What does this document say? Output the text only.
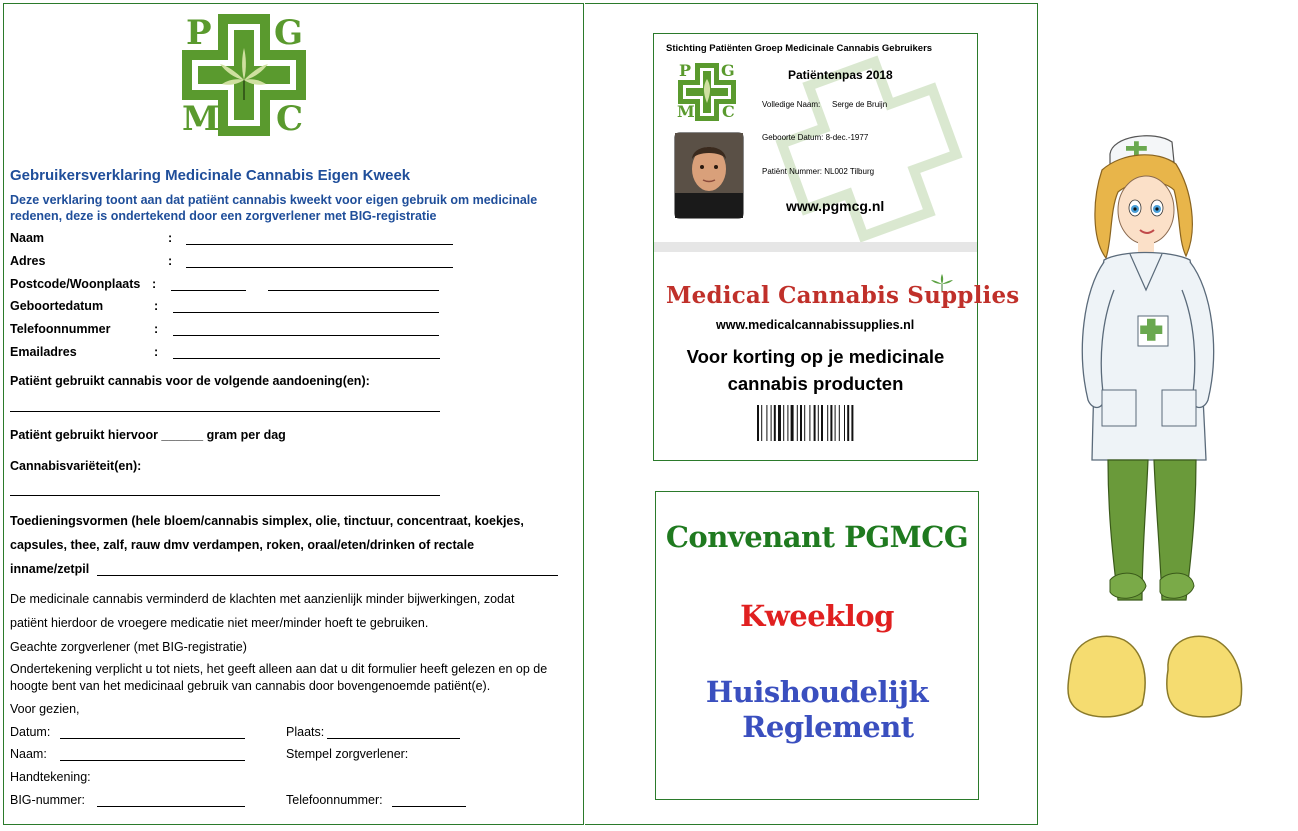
P G
M C
Gebruikersverklaring Medicinale Cannabis Eigen Kweek
Deze verklaring toont aan dat patiënt cannabis kweekt voor eigen gebruik om medicinale redenen, deze is ondertekend door een zorgverlener met BIG-registratie
Naam	:
Adres	:
Postcode/Woonplaats :
Geboortedatum	:
Telefoonnummer	:
Emailadres	:
Patiënt gebruikt cannabis voor de volgende aandoening(en):
Patiënt gebruikt hiervoor ______ gram per dag
Cannabisvariëteit(en):
Toedieningsvormen (hele bloem/cannabis simplex, olie, tinctuur, concentraat, koekjes,
capsules, thee, zalf, rauw dmv verdampen, roken, oraal/eten/drinken of rectale
inname/zetpil
De medicinale cannabis verminderd de klachten met aanzienlijk minder bijwerkingen, zodat
patiënt hierdoor de vroegere medicatie niet meer/minder hoeft te gebruiken.
Geachte zorgverlener (met BIG-registratie)
Ondertekening verplicht u tot niets, het geeft alleen aan dat u dit formulier heeft gelezen en op de
hoogte bent van het medicinaal gebruik van cannabis door bovengenoemde patiënt(e).
Voor gezien,
Datum:	Plaats:
Naam:	Stempel zorgverlener:
Handtekening:
BIG-nummer:	Telefoonnummer:
Stichting Patiënten Groep Medicinale Cannabis Gebruikers
P G
M C
Patiëntenpas 2018
Volledige Naam: Serge de Bruijn
Geboorte Datum: 8-dec.-1977
Patiënt Nummer: NL002 Tilburg
www.pgmcg.nl
Medical Cannabis Supplies
www.medicalcannabissupplies.nl
Voor korting op je medicinale
cannabis producten
Convenant PGMCG
Kweeklog
Huishoudelijk
Reglement
